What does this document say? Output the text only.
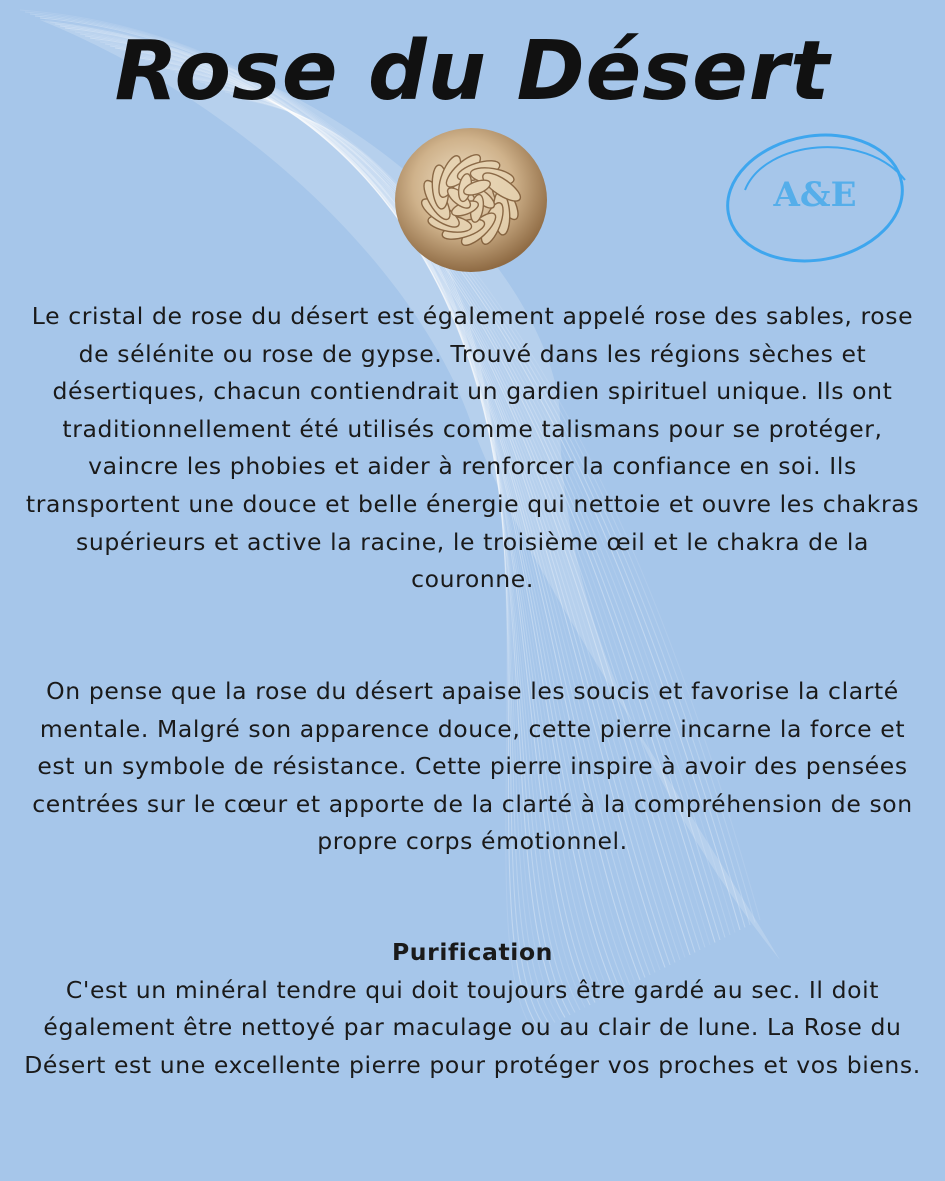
Rose du Désert
A&E

Le cristal de rose du désert est également appelé rose des sables, rose de sélénite ou rose de gypse. Trouvé dans les régions sèches et désertiques, chacun contiendrait un gardien spirituel unique. Ils ont traditionnellement été utilisés comme talismans pour se protéger, vaincre les phobies et aider à renforcer la confiance en soi. Ils transportent une douce et belle énergie qui nettoie et ouvre les chakras supérieurs et active la racine, le troisième œil et le chakra de la couronne.

On pense que la rose du désert apaise les soucis et favorise la clarté mentale. Malgré son apparence douce, cette pierre incarne la force et est un symbole de résistance. Cette pierre inspire à avoir des pensées centrées sur le cœur et apporte de la clarté à la compréhension de son propre corps émotionnel.

Purification
C'est un minéral tendre qui doit toujours être gardé au sec. Il doit également être nettoyé par maculage ou au clair de lune. La Rose du Désert est une excellente pierre pour protéger vos proches et vos biens.
